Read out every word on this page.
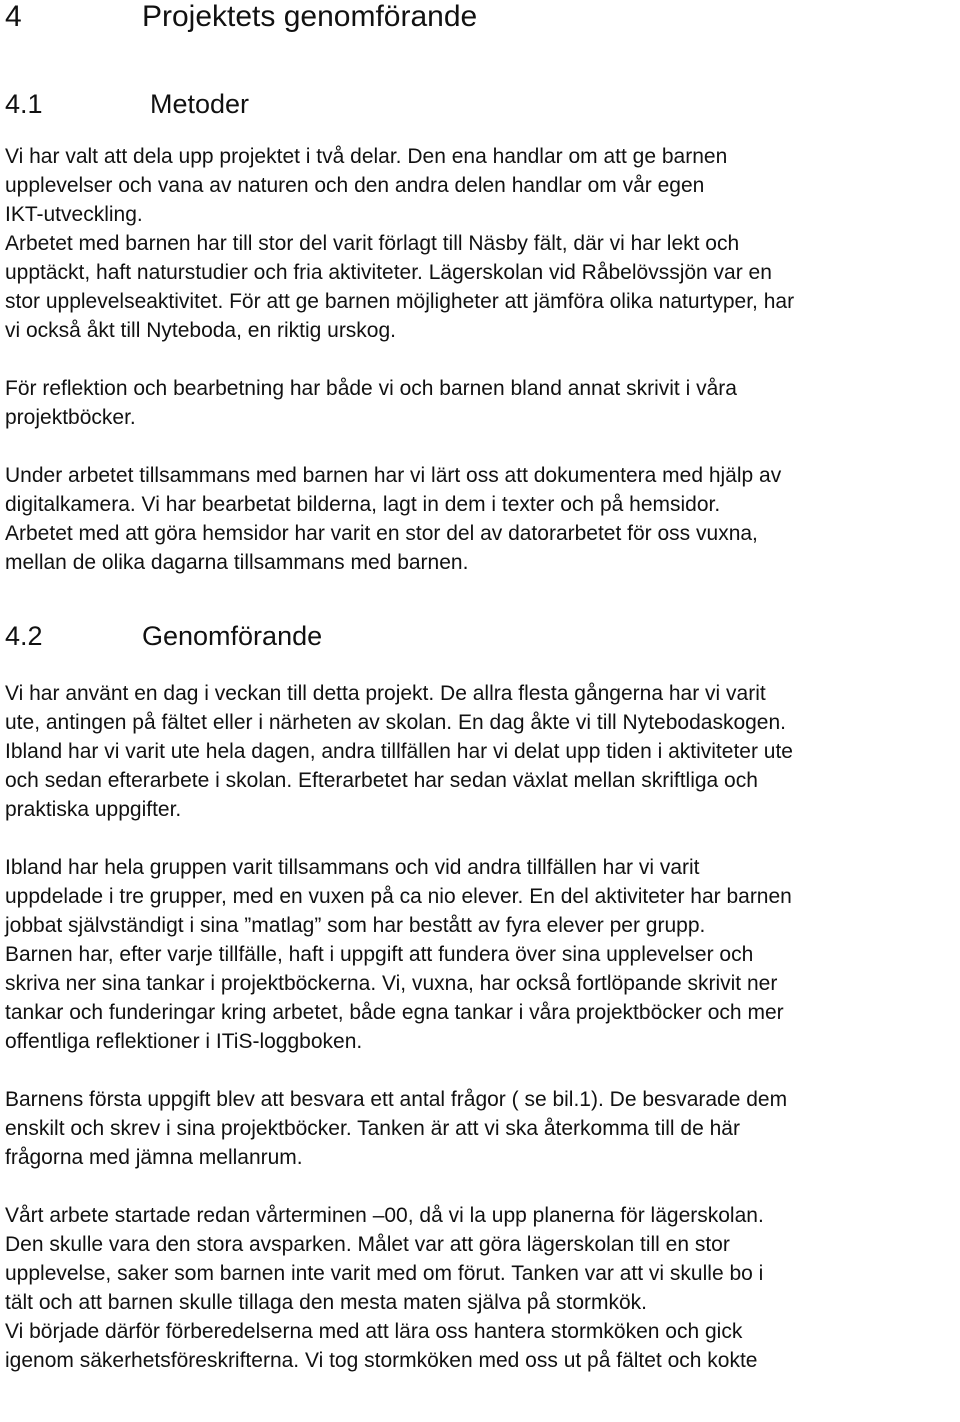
4	Projektets genomförande
4.1	Metoder

Vi har valt att dela upp projektet i två delar. Den ena handlar om att ge barnen
upplevelser och vana av naturen och den andra delen handlar om vår egen
IKT-utveckling.

Arbetet med barnen har till stor del varit förlagt till Näsby fält, där vi har lekt och
upptäckt, haft naturstudier och fria aktiviteter. Lägerskolan vid Råbelövssjön var en
stor upplevelseaktivitet. För att ge barnen möjligheter att jämföra olika naturtyper, har
vi också åkt till Nyteboda, en riktig urskog.

För reflektion och bearbetning har både vi och barnen bland annat skrivit i våra
projektböcker.

Under arbetet tillsammans med barnen har vi lärt oss att dokumentera med hjälp av
digitalkamera. Vi har bearbetat bilderna, lagt in dem i texter och på hemsidor.
Arbetet med att göra hemsidor har varit en stor del av datorarbetet för oss vuxna,
mellan de olika dagarna tillsammans med barnen.

4.2	Genomförande

Vi har använt en dag i veckan till detta projekt. De allra flesta gångerna har vi varit
ute, antingen på fältet eller i närheten av skolan. En dag åkte vi till Nytebodaskogen.
Ibland har vi varit ute hela dagen, andra tillfällen har vi delat upp tiden i aktiviteter ute
och sedan efterarbete i skolan. Efterarbetet har sedan växlat mellan skriftliga och
praktiska uppgifter.

Ibland har hela gruppen varit tillsammans och vid andra tillfällen har vi varit
uppdelade i tre grupper, med en vuxen på ca nio elever. En del aktiviteter har barnen
jobbat självständigt i sina ”matlag” som har bestått av fyra elever per grupp.
Barnen har, efter varje tillfälle, haft i uppgift att fundera över sina upplevelser och
skriva ner sina tankar i projektböckerna. Vi, vuxna, har också fortlöpande skrivit ner
tankar och funderingar kring arbetet, både egna tankar i våra projektböcker och mer
offentliga reflektioner i ITiS-loggboken.

Barnens första uppgift blev att besvara ett antal frågor ( se bil.1). De besvarade dem
enskilt och skrev i sina projektböcker. Tanken är att vi ska återkomma till de här
frågorna med jämna mellanrum.

Vårt arbete startade redan vårterminen –00, då vi la upp planerna för lägerskolan.
Den skulle vara den stora avsparken. Målet var att göra lägerskolan till en stor
upplevelse, saker som barnen inte varit med om förut. Tanken var att vi skulle bo i
tält och att barnen skulle tillaga den mesta maten själva på stormkök.
Vi började därför förberedelserna med att lära oss hantera stormköken och gick
igenom säkerhetsföreskrifterna. Vi tog stormköken med oss ut på fältet och kokte
